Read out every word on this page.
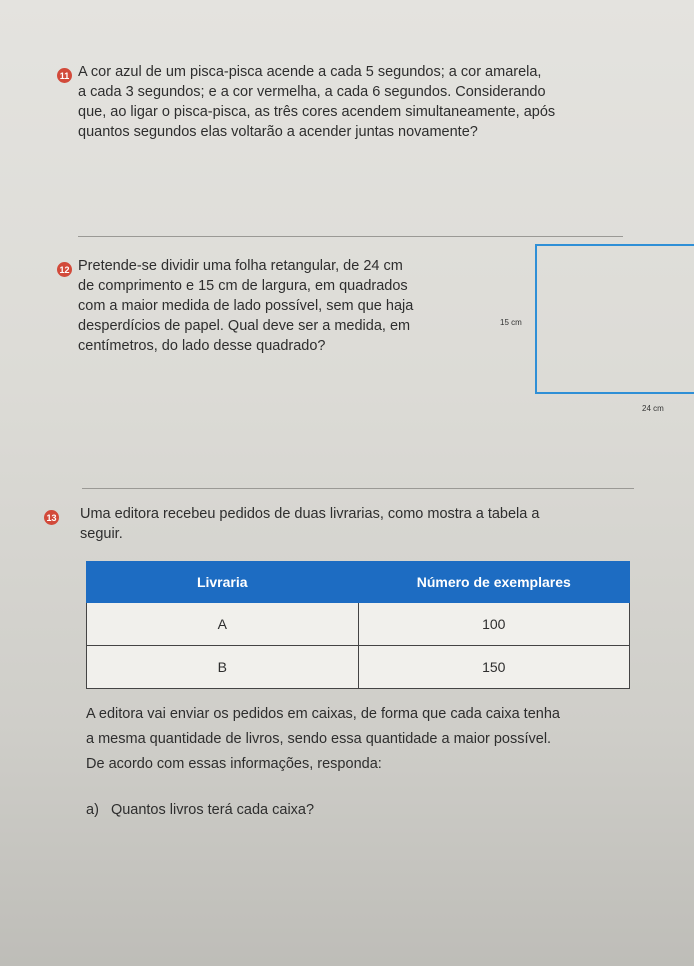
11 A cor azul de um pisca-pisca acende a cada 5 segundos; a cor amarela,
a cada 3 segundos; e a cor vermelha, a cada 6 segundos. Considerando
que, ao ligar o pisca-pisca, as três cores acendem simultaneamente, após
quantos segundos elas voltarão a acender juntas novamente?
12 Pretende-se dividir uma folha retangular, de 24 cm
de comprimento e 15 cm de largura, em quadrados
com a maior medida de lado possível, sem que haja
desperdícios de papel. Qual deve ser a medida, em
centímetros, do lado desse quadrado?
15 cm
24 cm
13 Uma editora recebeu pedidos de duas livrarias, como mostra a tabela a
seguir.
Livraria	Número de exemplares
A	100
B	150
A editora vai enviar os pedidos em caixas, de forma que cada caixa tenha
a mesma quantidade de livros, sendo essa quantidade a maior possível.
De acordo com essas informações, responda:
a) Quantos livros terá cada caixa?
